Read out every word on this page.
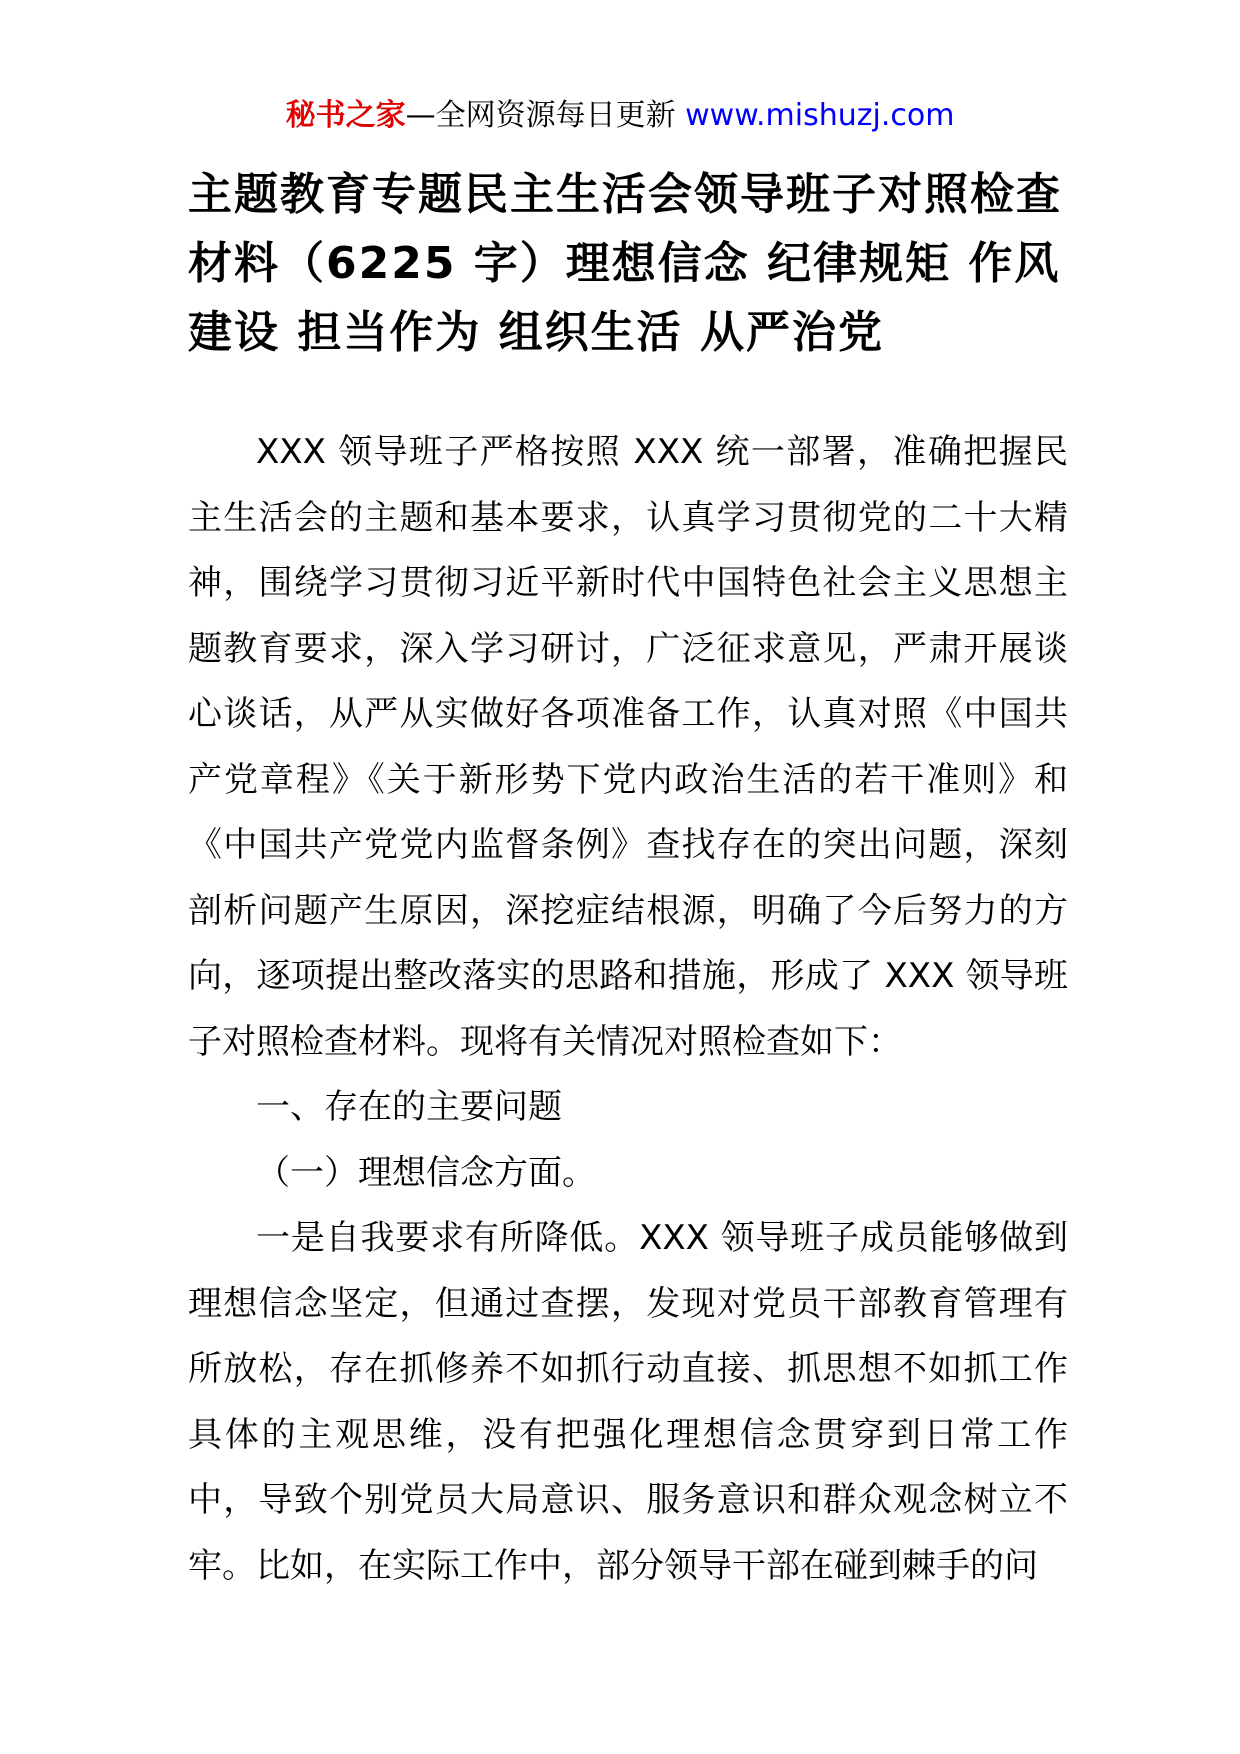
秘书之家—全网资源每日更新 www.mishuzj.com
主题教育专题民主生活会领导班子对照检查材料（6225 字）理想信念 纪律规矩 作风建设 担当作为 组织生活 从严治党

XXX 领导班子严格按照 XXX 统一部署，准确把握民主生活会的主题和基本要求，认真学习贯彻党的二十大精神，围绕学习贯彻习近平新时代中国特色社会主义思想主题教育要求，深入学习研讨，广泛征求意见，严肃开展谈心谈话，从严从实做好各项准备工作，认真对照《中国共产党章程》《关于新形势下党内政治生活的若干准则》和《中国共产党党内监督条例》查找存在的突出问题，深刻剖析问题产生原因，深挖症结根源，明确了今后努力的方向，逐项提出整改落实的思路和措施，形成了 XXX 领导班子对照检查材料。现将有关情况对照检查如下：

一、存在的主要问题

（一）理想信念方面。

一是自我要求有所降低。XXX 领导班子成员能够做到理想信念坚定，但通过查摆，发现对党员干部教育管理有所放松，存在抓修养不如抓行动直接、抓思想不如抓工作具体的主观思维，没有把强化理想信念贯穿到日常工作中，导致个别党员大局意识、服务意识和群众观念树立不牢。比如，在实际工作中，部分领导干部在碰到棘手的问
